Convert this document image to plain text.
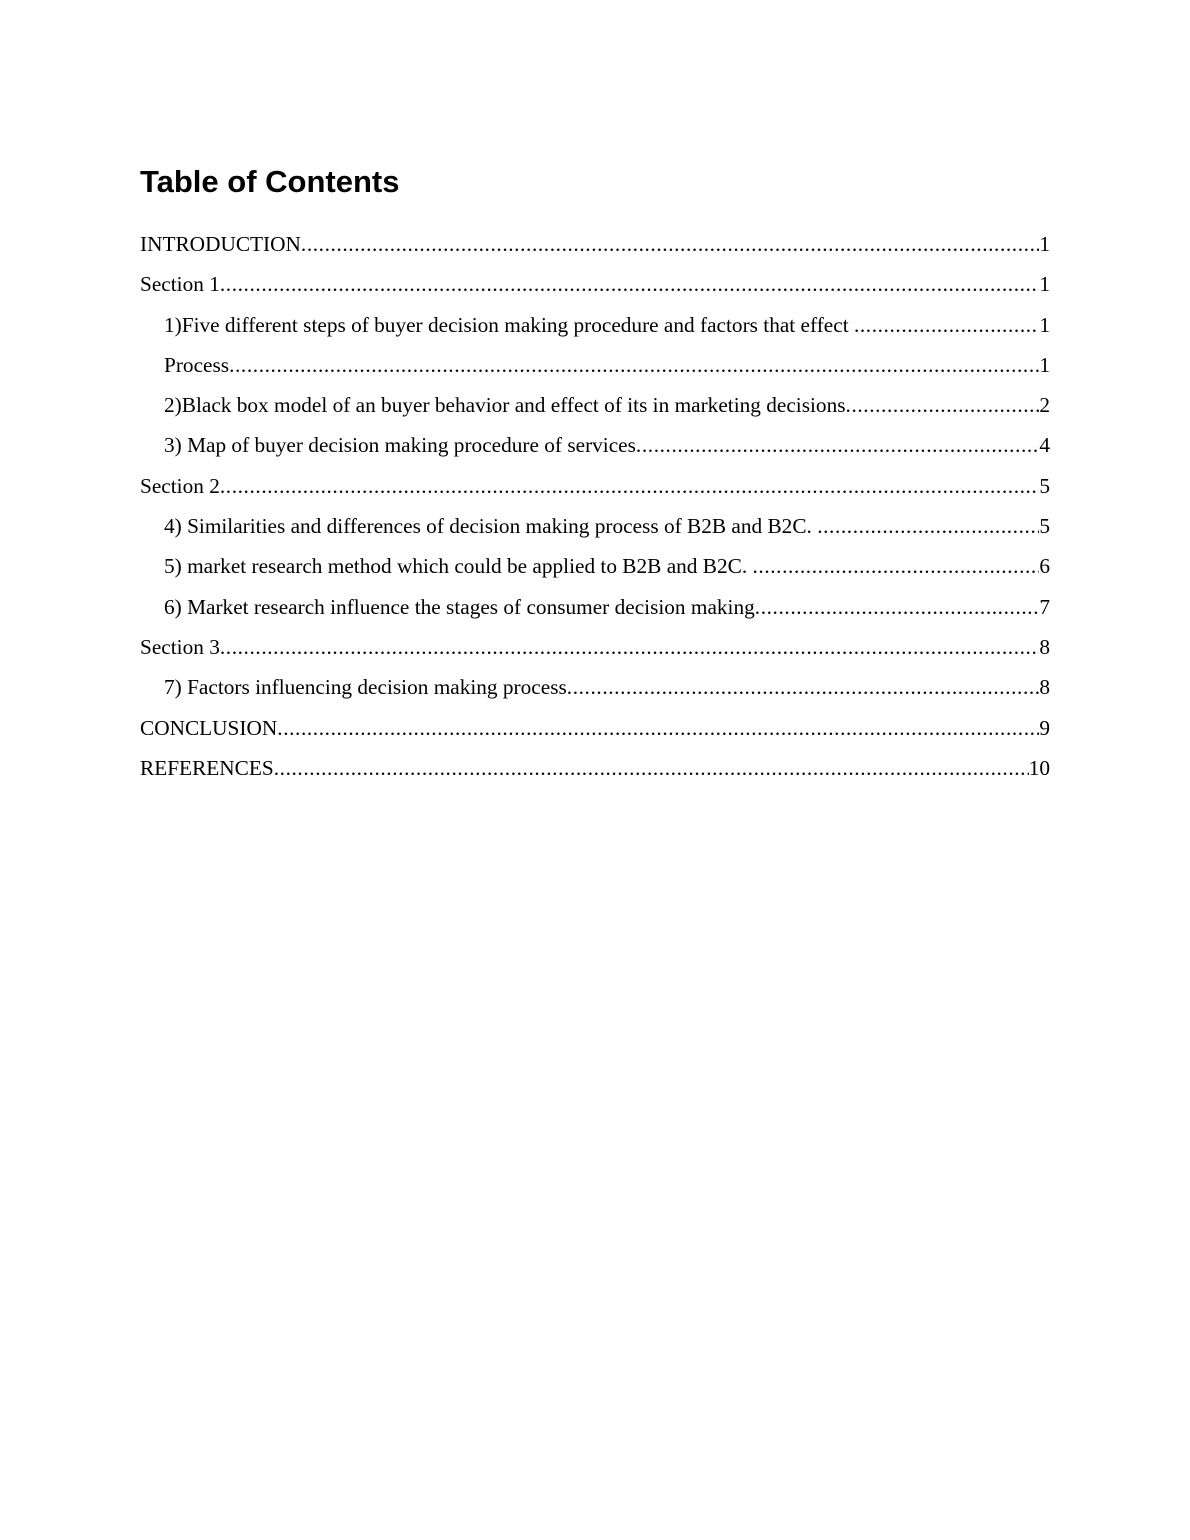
Table of Contents
INTRODUCTION .....	1
Section 1 .....	1
1)Five different steps of buyer decision making procedure and factors that effect .....	1
Process .....	1
2)Black box model of an buyer behavior and effect of its in marketing decisions .....	2
3) Map of buyer decision making procedure of services .....	4
Section 2 .....	5
4) Similarities and differences of decision making process of B2B and B2C. .....	5
5) market research method which could be applied to B2B and B2C. .....	6
6) Market research influence the stages of consumer decision making .....	7
Section 3 .....	8
7) Factors influencing decision making process .....	8
CONCLUSION .....	9
REFERENCES .....	10
